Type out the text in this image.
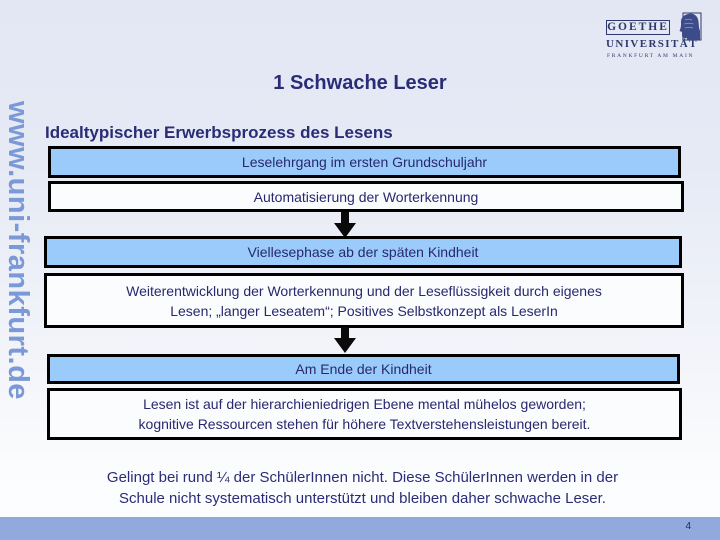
www.uni-frankfurt.de
GOETHE
UNIVERSITÄT
FRANKFURT AM MAIN
1 Schwache Leser
Idealtypischer Erwerbsprozess des Lesens
Leselehrgang im ersten Grundschuljahr
Automatisierung der Worterkennung
Viellesephase ab der späten Kindheit
Weiterentwicklung der Worterkennung und der Leseflüssigkeit durch eigenes
Lesen; „langer Leseatem“; Positives Selbstkonzept als LeserIn
Am Ende der Kindheit
Lesen ist auf der hierarchieniedrigen Ebene mental mühelos geworden;
kognitive Ressourcen stehen für höhere Textverstehensleistungen bereit.
Gelingt bei rund ¼ der SchülerInnen nicht. Diese SchülerInnen werden in der
Schule nicht systematisch unterstützt und bleiben daher schwache Leser.
4
